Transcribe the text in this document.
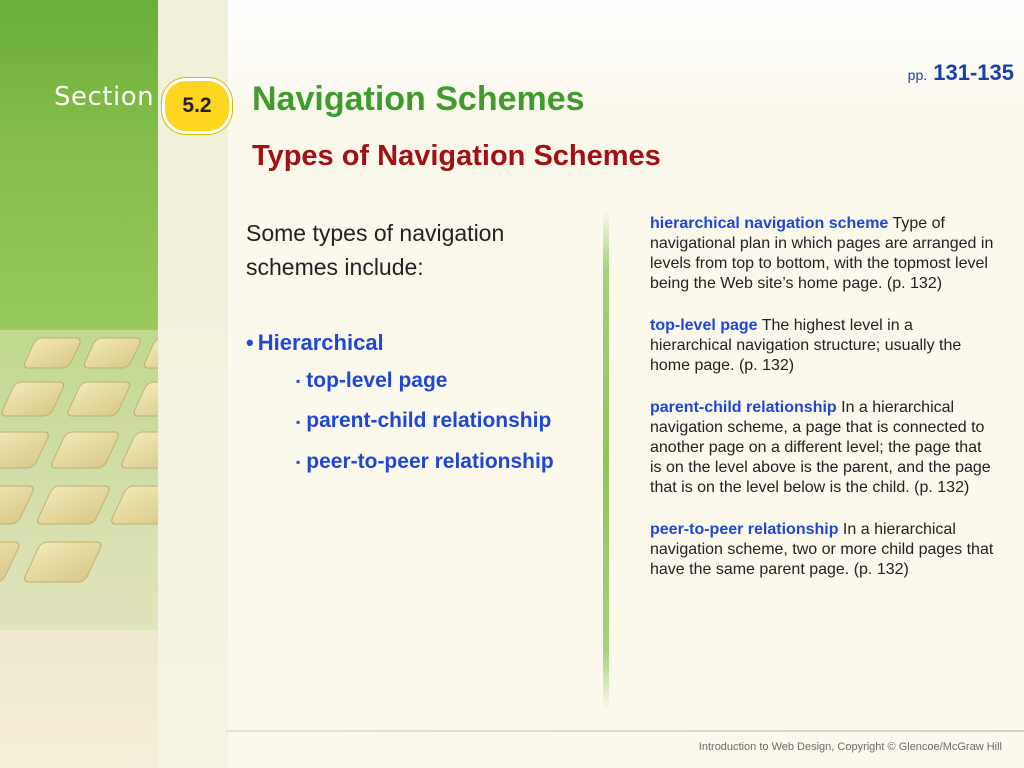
Section	5.2
pp. 131-135
Navigation Schemes
Types of Navigation Schemes
Some types of navigation schemes include:
• Hierarchical
▪ top-level page
▪ parent-child relationship
▪ peer-to-peer relationship
hierarchical navigation scheme Type of navigational plan in which pages are arranged in levels from top to bottom, with the topmost level being the Web site’s home page. (p. 132)
top-level page The highest level in a hierarchical navigation structure; usually the home page. (p. 132)
parent-child relationship In a hierarchical navigation scheme, a page that is connected to another page on a different level; the page that is on the level above is the parent, and the page that is on the level below is the child. (p. 132)
peer-to-peer relationship In a hierarchical navigation scheme, two or more child pages that have the same parent page. (p. 132)
Introduction to Web Design, Copyright © Glencoe/McGraw Hill
